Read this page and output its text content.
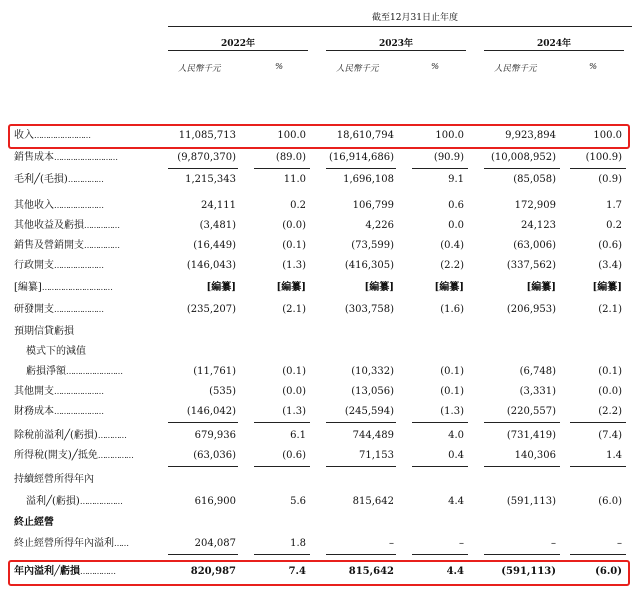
截至12月31日止年度
2022年	2023年	2024年
人民幣千元	%	人民幣千元	%	人民幣千元	%
收入……………………	11,085,713	100.0	18,610,794	100.0	9,923,894	100.0
銷售成本………………………	(9,870,370)	(89.0) (16,914,686)	(90.9)	(10,008,952)	(100.9)
毛利╱(毛損)……………	1,215,343	11.0	1,696,108	9.1	(85,058)	(0.9)
其他收入…………………	24,111	0.2	106,799	0.6	172,909	1.7
其他收益及虧損……………	(3,481)	(0.0)	4,226	0.0	24,123	0.2
銷售及營銷開支……………	(16,449)	(0.1)	(73,599)	(0.4)	(63,006)	(0.6)
行政開支…………………	(146,043)	(1.3)	(416,305)	(2.2)	(337,562)	(3.4)
[編纂]…………………………	[編纂]	[編纂]	[編纂]	[編纂]	[編纂]	[編纂]
研發開支…………………	(235,207)	(2.1)	(303,758)	(1.6)	(206,953)	(2.1)
預期信貸虧損
模式下的減值
虧損淨額……………………	(11,761)	(0.1)	(10,332)	(0.1)	(6,748)	(0.1)
其他開支…………………	(535)	(0.0)	(13,056)	(0.1)	(3,331)	(0.0)
財務成本…………………	(146,042)	(1.3)	(245,594)	(1.3)	(220,557)	(2.2)
除稅前溢利╱(虧損)…………	679,936	6.1	744,489	4.0	(731,419)	(7.4)
所得稅(開支)╱抵免……………	(63,036)	(0.6)	71,153	0.4	140,306	1.4
持續經營所得年內
溢利╱(虧損)………………	616,900	5.6	815,642	4.4	(591,113)	(6.0)
終止經營
終止經營所得年內溢利……	204,087	1.8	–	–	–	–
年內溢利╱虧損……………	820,987	7.4	815,642	4.4	(591,113)	(6.0)
